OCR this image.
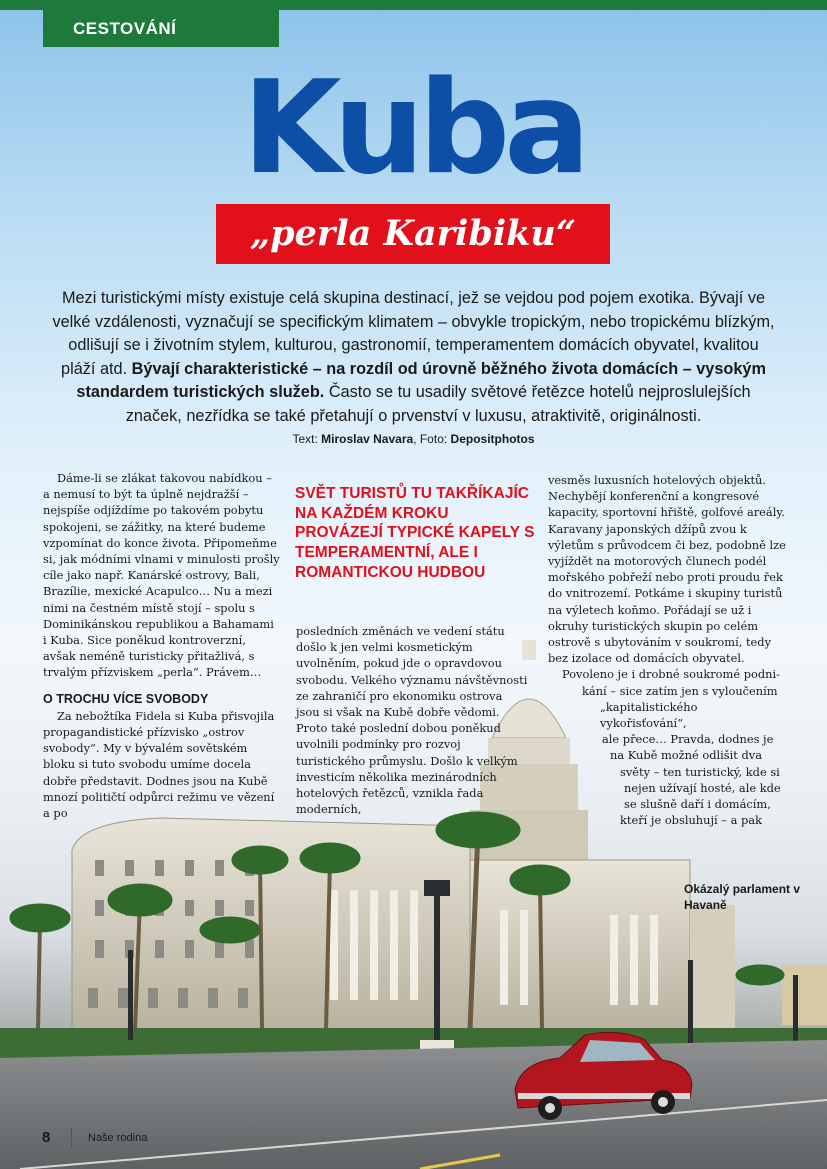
CESTOVÁNÍ
Kuba
„perla Karibiku“
Mezi turistickými místy existuje celá skupina destinací, jež se vejdou pod pojem exotika. Bývají ve velké vzdálenosti, vyznačují se specifickým klimatem – obvykle tropickým, nebo tropickému blízkým, odlišují se i životním stylem, kulturou, gastronomií, temperamentem domácích obyvatel, kvalitou pláží atd. Bývají charakteristické – na rozdíl od úrovně běžného života domácích – vysokým standardem turistických služeb. Často se tu usadily světové řetězce hotelů nejproslulejších značek, nezřídka se také přetahují o prvenství v luxusu, atraktivitě, originálnosti.
Text: Miroslav Navara, Foto: Depositphotos

Dáme-li se zlákat takovou nabídkou – a nemusí to být ta úplně nejdražší – nejspíše odjíždíme po takovém pobytu spokojeni, se zážitky, na které budeme vzpomínat do konce života. Připomeňme si, jak módními vlnami v minulosti prošly cíle jako např. Kanárské ostrovy, Bali, Brazílie, mexické Acapulco… Nu a mezi nimi na čestném místě stojí – spolu s Dominikánskou republikou a Bahamami i Kuba. Sice poněkud kontroverzní, avšak neméně turisticky přitažlivá, s trvalým přízviskem „perla“. Právem…

O TROCHU VÍCE SVOBODY

Za nebožtíka Fidela si Kuba přisvojila propagandistické přízvisko „ostrov svobody“. My v bývalém sovětském bloku si tuto svobodu umíme docela dobře představit. Dodnes jsou na Kubě mnozí političtí odpůrci režimu ve vězení a po

SVĚT TURISTŮ TU TAKŘÍKAJÍC NA KAŽDÉM KROKU PROVÁZEJÍ TYPICKÉ KAPELY S TEMPERAMENTNÍ, ALE I ROMANTICKOU HUDBOU

posledních změnách ve vedení státu došlo k jen velmi kosmetickým uvolněním, pokud jde o opravdovou svobodu. Velkého významu návštěvnosti ze zahraničí pro ekonomiku ostrova jsou si však na Kubě dobře vědomi. Proto také poslední dobou poněkud uvolnili podmínky pro rozvoj turistického průmyslu. Došlo k velkým investicím několika mezinárodních hotelových řetězců, vznikla řada moderních,

vesměs luxusních hotelových objektů. Nechybějí konferenční a kongresové kapacity, sportovní hřiště, golfové areály. Karavany japonských džípů zvou k výletům s průvodcem či bez, podobně lze vyjíždět na motorových člunech podél mořského pobřeží nebo proti proudu řek do vnitrozemí. Potkáme i skupiny turistů na výletech koňmo. Pořádají se už i okruhy turistických skupin po celém ostrově s ubytováním v soukromí, tedy bez izolace od domácích obyvatel.

Povoleno je i drobné soukromé podni-
kání – sice zatím jen s vyloučením
„kapitalistického vykořisťování“,
ale přece… Pravda, dodnes je
na Kubě možné odlišit dva
světy – ten turistický, kde si
nejen užívají hosté, ale kde
se slušně daří i domácím,
kteří je obsluhují – a pak
Okázalý parlament v Havaně
8	Naše rodina
